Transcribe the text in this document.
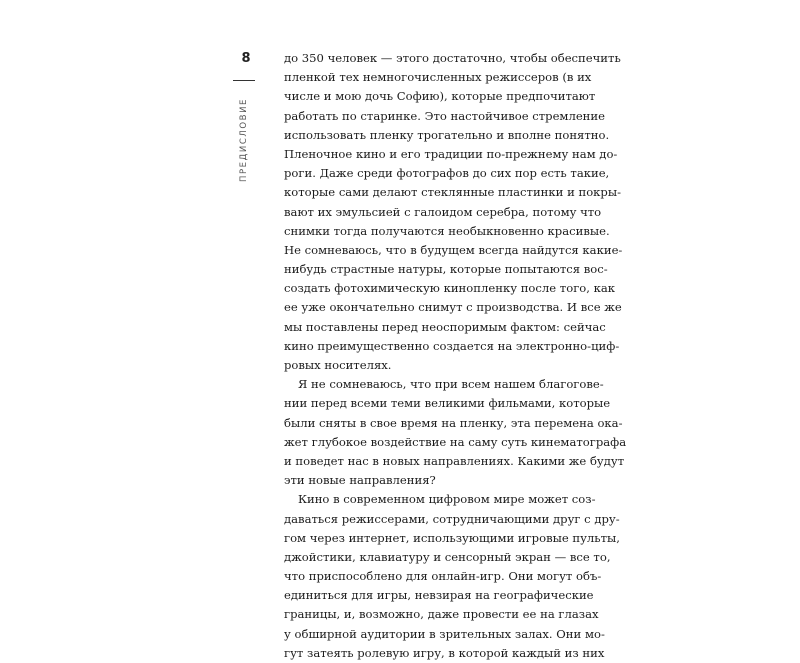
8
ПРЕДИСЛОВИЕ
до 350 человек — этого достаточно, чтобы обеспечить
пленкой тех немногочисленных режиссеров (в их
числе и мою дочь Софию), которые предпочитают
работать по старинке. Это настойчивое стремление
использовать пленку трогательно и вполне понятно.
Пленочное кино и его традиции по-прежнему нам до-
роги. Даже среди фотографов до сих пор есть такие,
которые сами делают стеклянные пластинки и покры-
вают их эмульсией с галоидом серебра, потому что
снимки тогда получаются необыкновенно красивые.
Не сомневаюсь, что в будущем всегда найдутся какие-
нибудь страстные натуры, которые попытаются вос-
создать фотохимическую кинопленку после того, как
ее уже окончательно снимут с производства. И все же
мы поставлены перед неоспоримым фактом: сейчас
кино преимущественно создается на электронно-циф-
ровых носителях.
Я не сомневаюсь, что при всем нашем благогове-
нии перед всеми теми великими фильмами, которые
были сняты в свое время на пленку, эта перемена ока-
жет глубокое воздействие на саму суть кинематографа
и поведет нас в новых направлениях. Какими же будут
эти новые направления?
Кино в современном цифровом мире может соз-
даваться режиссерами, сотрудничающими друг с дру-
гом через интернет, использующими игровые пульты,
джойстики, клавиатуру и сенсорный экран — все то,
что приспособлено для онлайн-игр. Они могут объ-
единиться для игры, невзирая на географические
границы, и, возможно, даже провести ее на глазах
у обширной аудитории в зрительных залах. Они мо-
гут затеять ролевую игру, в которой каждый из них
